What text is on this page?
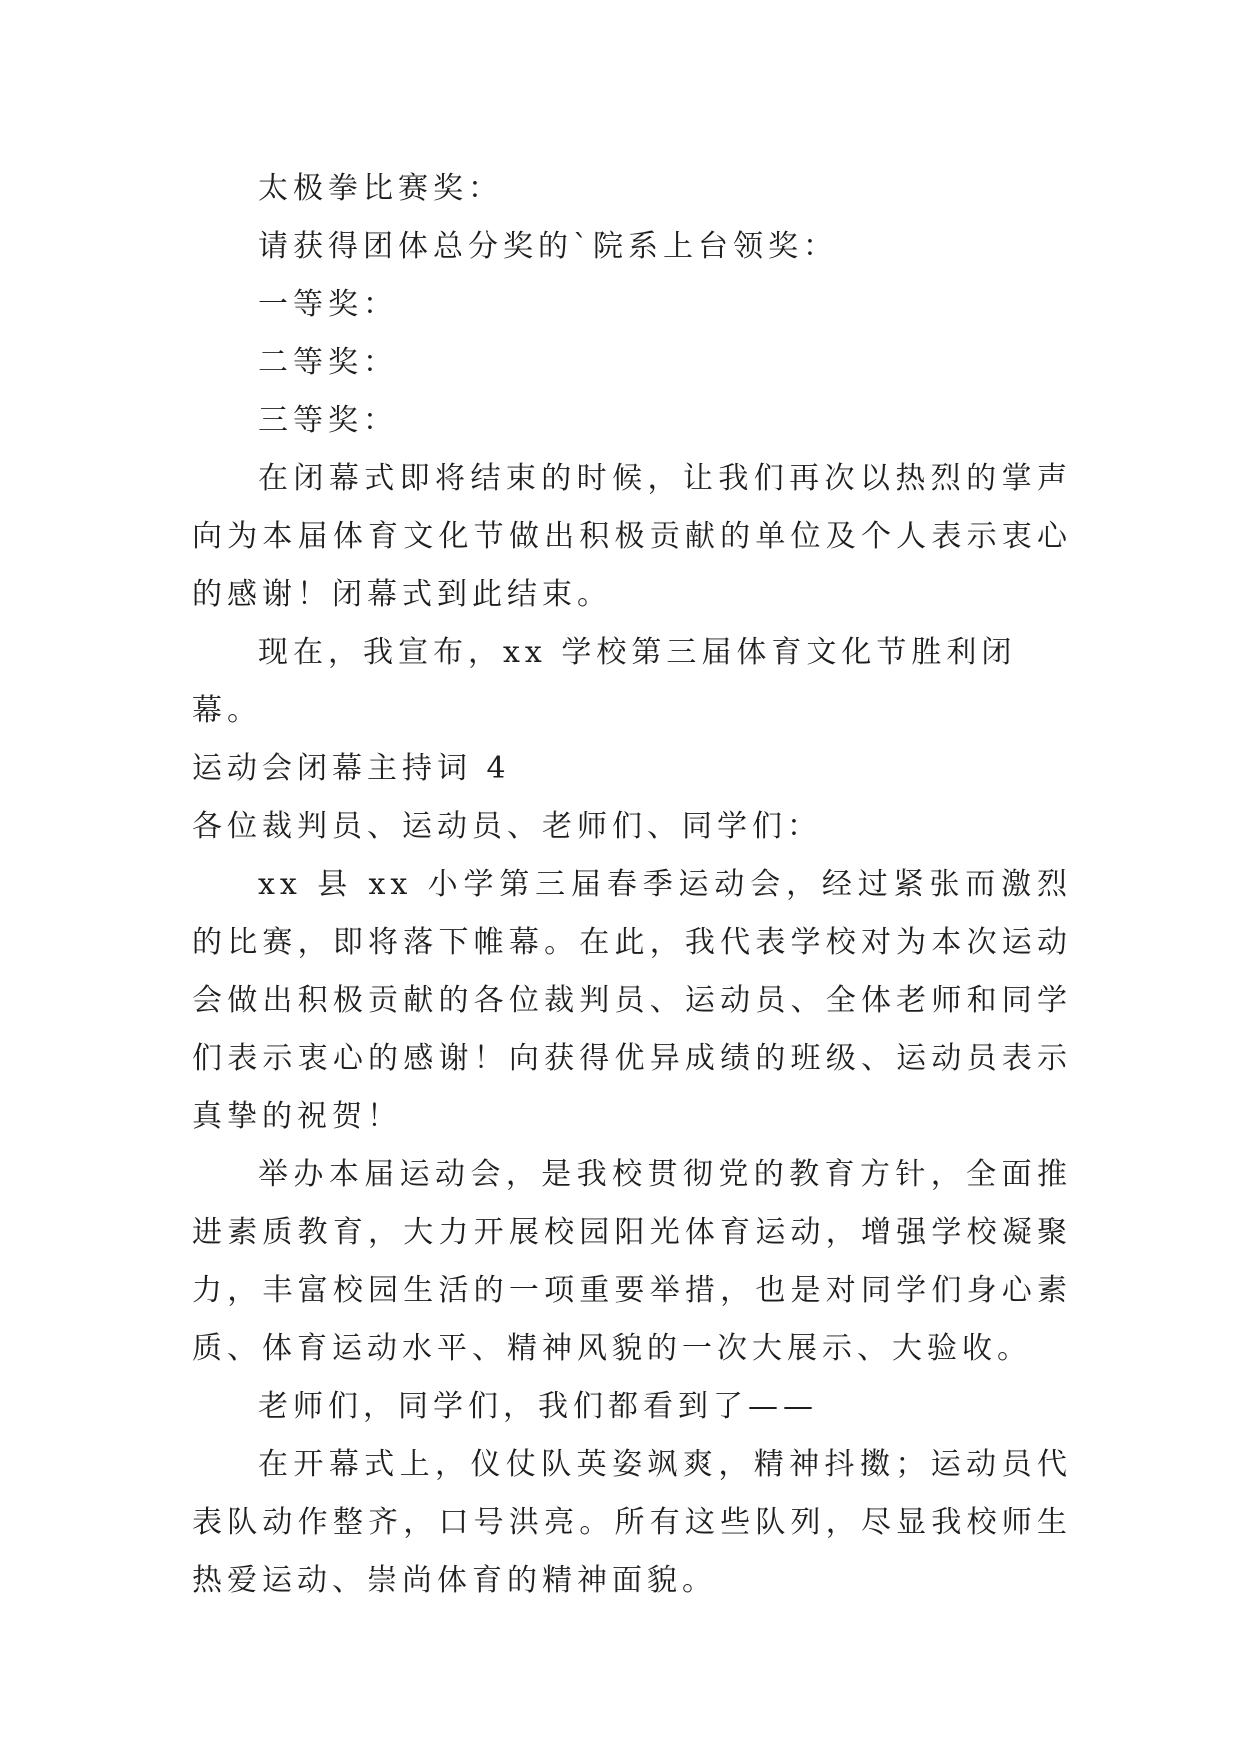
太极拳比赛奖：

请获得团体总分奖的`院系上台领奖：

一等奖：

二等奖：

三等奖：

在闭幕式即将结束的时候，让我们再次以热烈的掌声向为本届体育文化节做出积极贡献的单位及个人表示衷心的感谢！闭幕式到此结束。

现在，我宣布，xx 学校第三届体育文化节胜利闭幕。

运动会闭幕主持词 4

各位裁判员、运动员、老师们、同学们：

xx 县 xx 小学第三届春季运动会，经过紧张而激烈的比赛，即将落下帷幕。在此，我代表学校对为本次运动会做出积极贡献的各位裁判员、运动员、全体老师和同学们表示衷心的感谢！向获得优异成绩的班级、运动员表示真挚的祝贺！

举办本届运动会，是我校贯彻党的教育方针，全面推进素质教育，大力开展校园阳光体育运动，增强学校凝聚力，丰富校园生活的一项重要举措，也是对同学们身心素质、体育运动水平、精神风貌的一次大展示、大验收。

老师们，同学们，我们都看到了——

在开幕式上，仪仗队英姿飒爽，精神抖擞；运动员代表队动作整齐，口号洪亮。所有这些队列，尽显我校师生热爱运动、崇尚体育的精神面貌。
